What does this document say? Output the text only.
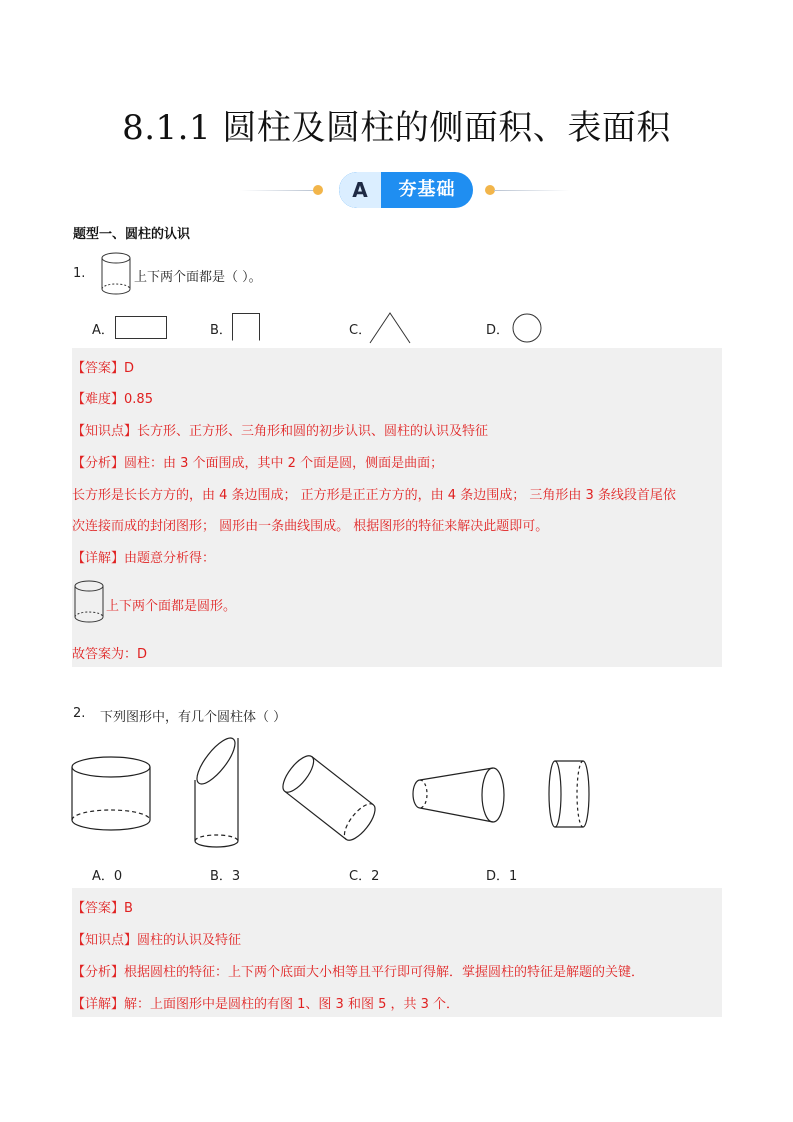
8.1.1 圆柱及圆柱的侧面积、表面积
A	夯基础
题型一、圆柱的认识
1.	上下两个面都是（ ）。
A．	B．	C．	D．
【答案】D
【难度】0.85
【知识点】长方形、正方形、三角形和圆的初步认识、圆柱的认识及特征
【分析】圆柱：由 3 个面围成，其中 2 个面是圆，侧面是曲面；
长方形是长长方方的，由 4 条边围成； 正方形是正正方方的，由 4 条边围成； 三角形由 3 条线段首尾依
次连接而成的封闭图形； 圆形由一条曲线围成。 根据图形的特征来解决此题即可。
【详解】由题意分析得：
上下两个面都是圆形。
故答案为：D
2. 下列图形中，有几个圆柱体（ ）
A．0	B．3	C．2	D．1
【答案】B
【知识点】圆柱的认识及特征
【分析】根据圆柱的特征：上下两个底面大小相等且平行即可得解．掌握圆柱的特征是解题的关键．
【详解】解：上面图形中是圆柱的有图 1、图 3 和图 5 ，共 3 个．
